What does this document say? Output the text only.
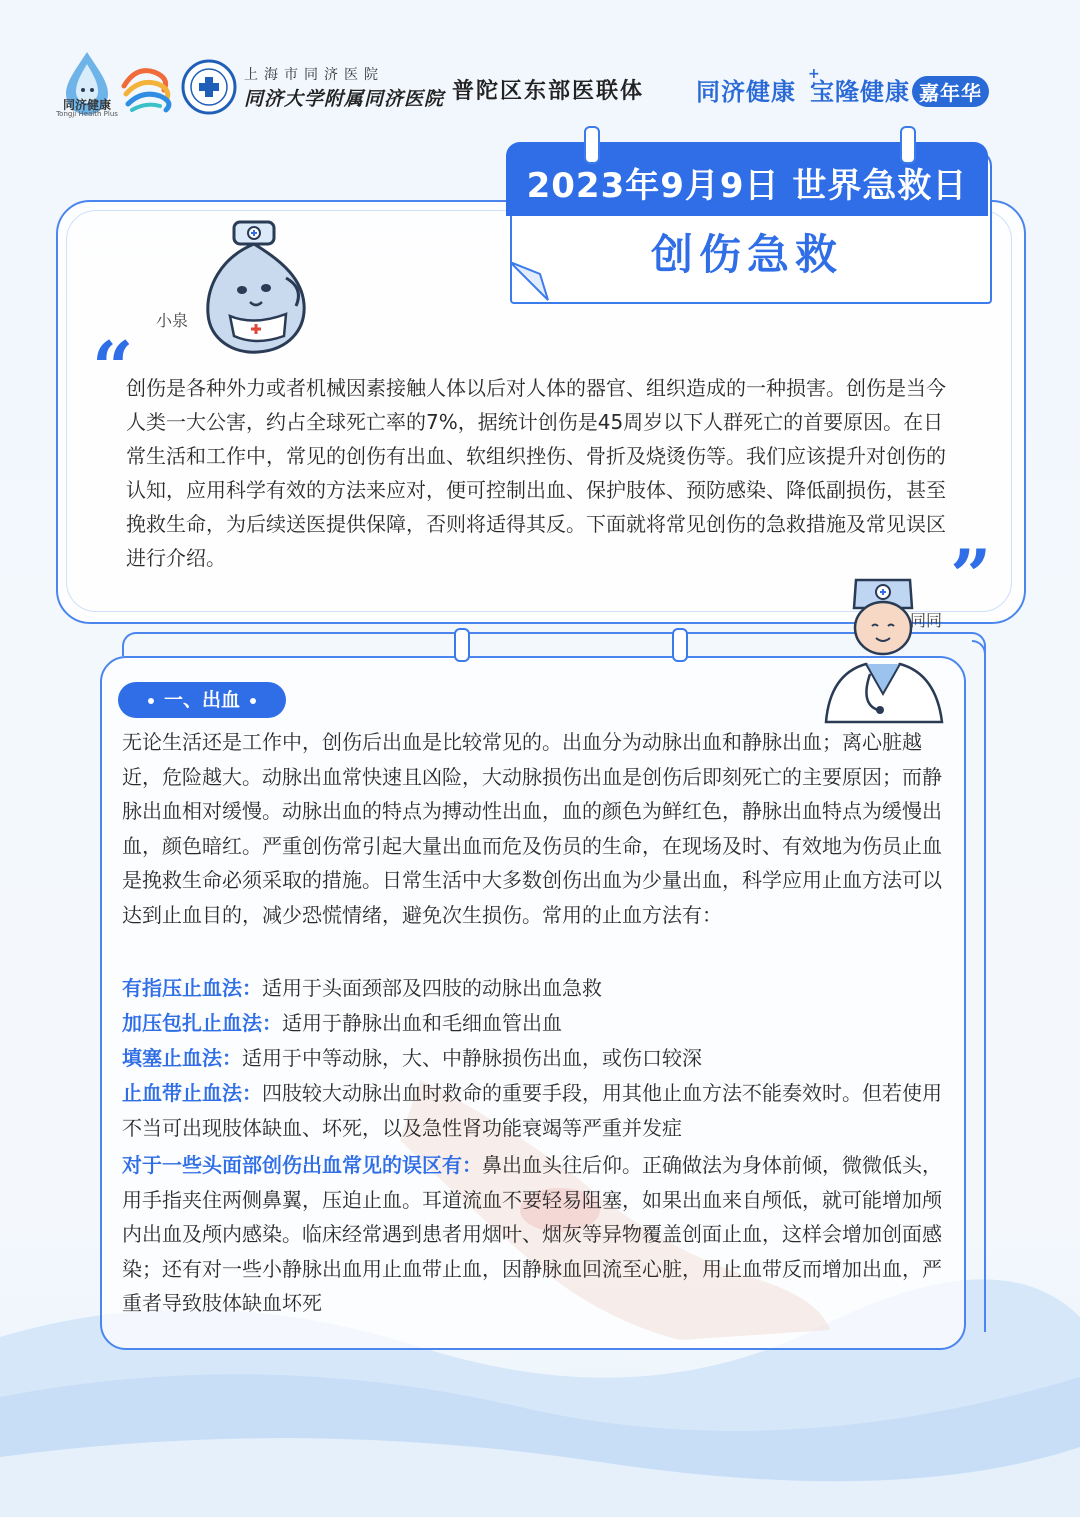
同济健康
Tongji Health Plus
上海市同济医院
同济大学附属同济医院 普陀区东部医联体 同济健康 宝隆健康 嘉年华
+
2023年9月9日 世界急救日
创伤急救
小泉
“

创伤是各种外力或者机械因素接触人体以后对人体的器官、组织造成的一种损害。创伤是当今人类一大公害，约占全球死亡率的7%，据统计创伤是45周岁以下人群死亡的首要原因。在日常生活和工作中，常见的创伤有出血、软组织挫伤、骨折及烧烫伤等。我们应该提升对创伤的认知，应用科学有效的方法来应对，便可控制出血、保护肢体、预防感染、降低副损伤，甚至挽救生命，为后续送医提供保障，否则将适得其反。下面就将常见创伤的急救措施及常见误区进行介绍。	”
同同
一、出血

无论生活还是工作中，创伤后出血是比较常见的。出血分为动脉出血和静脉出血；离心脏越近，危险越大。动脉出血常快速且凶险，大动脉损伤出血是创伤后即刻死亡的主要原因；而静脉出血相对缓慢。动脉出血的特点为搏动性出血，血的颜色为鲜红色，静脉出血特点为缓慢出血，颜色暗红。严重创伤常引起大量出血而危及伤员的生命，在现场及时、有效地为伤员止血是挽救生命必须采取的措施。日常生活中大多数创伤出血为少量出血，科学应用止血方法可以达到止血目的，减少恐慌情绪，避免次生损伤。常用的止血方法有：

有指压止血法：适用于头面颈部及四肢的动脉出血急救

加压包扎止血法：适用于静脉出血和毛细血管出血

填塞止血法：适用于中等动脉，大、中静脉损伤出血，或伤口较深

止血带止血法：四肢较大动脉出血时救命的重要手段，用其他止血方法不能奏效时。但若使用不当可出现肢体缺血、坏死，以及急性肾功能衰竭等严重并发症

对于一些头面部创伤出血常见的误区有：鼻出血头往后仰。正确做法为身体前倾，微微低头，用手指夹住两侧鼻翼，压迫止血。耳道流血不要轻易阻塞，如果出血来自颅低，就可能增加颅内出血及颅内感染。临床经常遇到患者用烟叶、烟灰等异物覆盖创面止血，这样会增加创面感染；还有对一些小静脉出血用止血带止血，因静脉血回流至心脏，用止血带反而增加出血，严重者导致肢体缺血坏死
